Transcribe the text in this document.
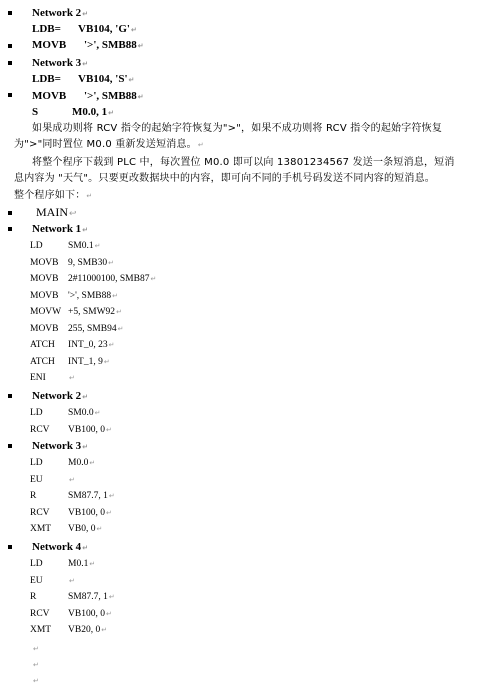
Network 2↵
LDB= VB104, 'G'↵
MOVB '>', SMB88↵
Network 3↵
LDB= VB104, 'S'↵
MOVB '>', SMB88↵
S	M0.0, 1↵
如果成功则将 RCV 指令的起始字符恢复为">"，如果不成功则将 RCV 指令的起始字符恢复
为">"同时置位 M0.0 重新发送短消息。↵
将整个程序下载到 PLC 中，每次置位 M0.0 即可以向 13801234567 发送一条短消息，短消
息内容为 "天气"。只要更改数据块中的内容，即可向不同的手机号码发送不同内容的短消息。
整个程序如下：↵
MAIN↩
Network 1↵
LD	SM0.1↵
MOVB 9, SMB30↵
MOVB 2#11000100, SMB87↵
MOVB '>', SMB88↵
MOVW +5, SMW92↵
MOVB 255, SMB94↵
ATCH INT_0, 23↵
ATCH INT_1, 9↵
ENI	↵
Network 2↵
LD	SM0.0↵
RCV VB100, 0↵
Network 3↵
LD	M0.0↵
EU	↵
R	SM87.7, 1↵
RCV VB100, 0↵
XMT VB0, 0↵
Network 4↵
LD	M0.1↵
EU	↵
R	SM87.7, 1↵
RCV VB100, 0↵
XMT VB20, 0↵
↵
↵
↵
